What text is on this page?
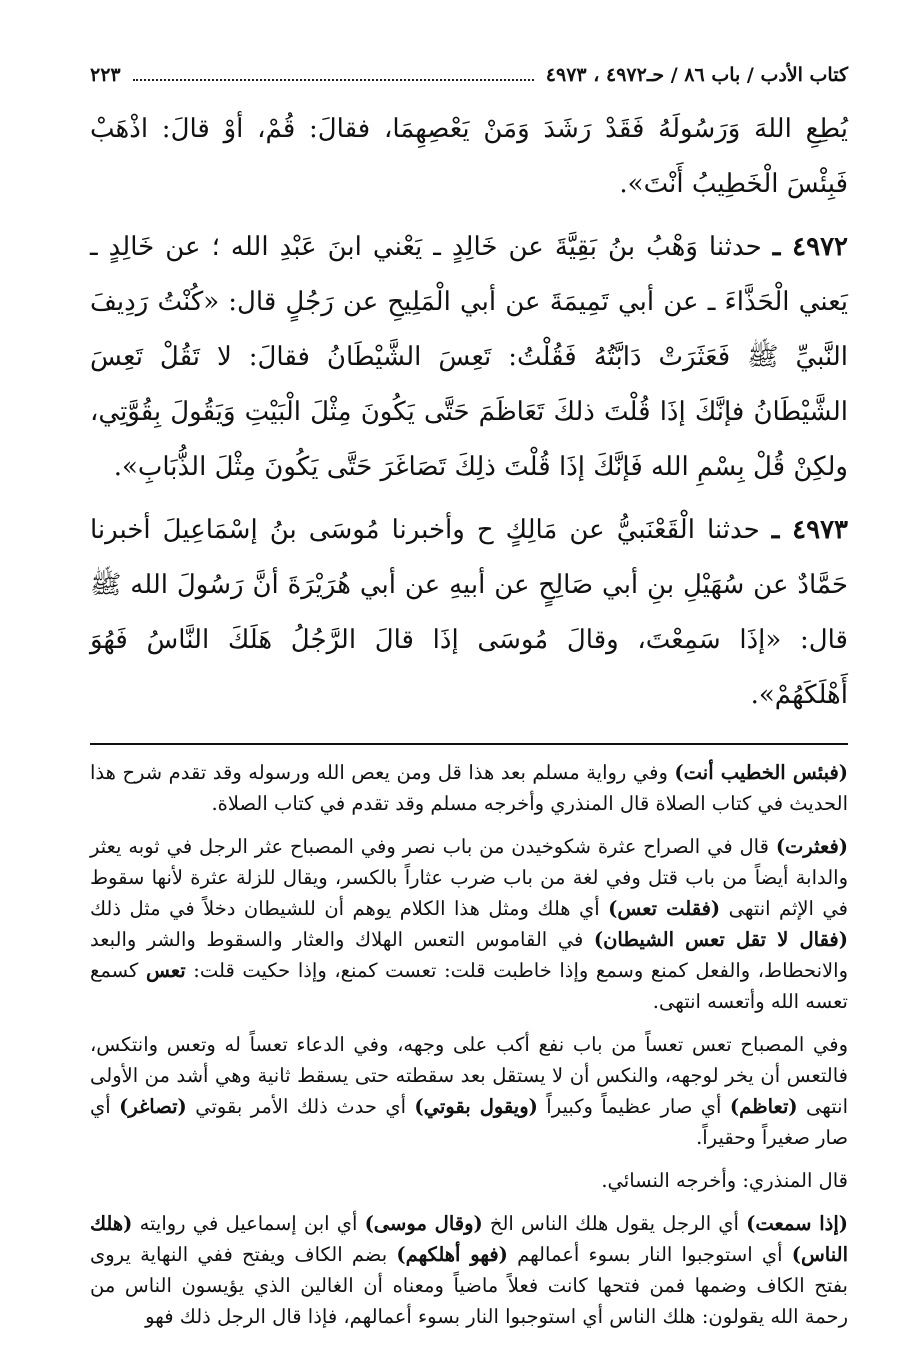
كتاب الأدب / باب ٨٦ / حـ٤٩٧٢ ، ٤٩٧٣
٢٢٣

يُطِعِ اللهَ وَرَسُولَهُ فَقَدْ رَشَدَ وَمَنْ يَعْصِهِمَا، فقالَ: قُمْ، أوْ قالَ: اذْهَبْ فَبِئْسَ الْخَطِيبُ أَنْتَ».

٤٩٧٢ ـ حدثنا وَهْبُ بنُ بَقِيَّةَ عن خَالِدٍ ـ يَعْني ابنَ عَبْدِ الله ؛ عن خَالِدٍ ـ يَعني الْحَذَّاءَ ـ عن أبي تَمِيمَةَ عن أبي الْمَلِيحِ عن رَجُلٍ قال: «كُنْتُ رَدِيفَ النَّبيِّ ﷺ فَعَثَرَتْ دَابَّتُهُ فَقُلْتُ: تَعِسَ الشَّيْطَانُ فقالَ: لا تَقُلْ تَعِسَ الشَّيْطَانُ فإنَّكَ إذَا قُلْتَ ذلكَ تَعَاظَمَ حَتَّى يَكُونَ مِثْلَ الْبَيْتِ وَيَقُولَ بِقُوَّتِي، ولكِنْ قُلْ بِسْمِ الله فَإنَّكَ إذَا قُلْتَ ذلِكَ تَصَاغَرَ حَتَّى يَكُونَ مِثْلَ الذُّبَابِ».

٤٩٧٣ ـ حدثنا الْقَعْنَبيُّ عن مَالِكٍ ح وأخبرنا مُوسَى بنُ إسْمَاعِيلَ أخبرنا حَمَّادٌ عن سُهَيْلِ بنِ أبي صَالِحٍ عن أبيهِ عن أبي هُرَيْرَةَ أنَّ رَسُولَ الله ﷺ قال: «إذَا سَمِعْتَ، وقالَ مُوسَى إذَا قالَ الرَّجُلُ هَلَكَ النَّاسُ فَهُوَ أَهْلَكَهُمْ».

(فبئس الخطيب أنت) وفي رواية مسلم بعد هذا قل ومن يعص الله ورسوله وقد تقدم شرح هذا الحديث في كتاب الصلاة قال المنذري وأخرجه مسلم وقد تقدم في كتاب الصلاة.

(فعثرت) قال في الصراح عثرة شكوخيدن من باب نصر وفي المصباح عثر الرجل في ثوبه يعثر والدابة أيضاً من باب قتل وفي لغة من باب ضرب عثاراً بالكسر، ويقال للزلة عثرة لأنها سقوط في الإثم انتهى (فقلت تعس) أي هلك ومثل هذا الكلام يوهم أن للشيطان دخلاً في مثل ذلك (فقال لا تقل تعس الشيطان) في القاموس التعس الهلاك والعثار والسقوط والشر والبعد والانحطاط، والفعل كمنع وسمع وإذا خاطبت قلت: تعست كمنع، وإذا حكيت قلت: تعس كسمع تعسه الله وأتعسه انتهى.

وفي المصباح تعس تعساً من باب نفع أكب على وجهه، وفي الدعاء تعساً له وتعس وانتكس، فالتعس أن يخر لوجهه، والنكس أن لا يستقل بعد سقطته حتى يسقط ثانية وهي أشد من الأولى انتهى (تعاظم) أي صار عظيماً وكبيراً (ويقول بقوتي) أي حدث ذلك الأمر بقوتي (تصاغر) أي صار صغيراً وحقيراً.

قال المنذري: وأخرجه النسائي.

(إذا سمعت) أي الرجل يقول هلك الناس الخ (وقال موسى) أي ابن إسماعيل في روايته (هلك الناس) أي استوجبوا النار بسوء أعمالهم (فهو أهلكهم) بضم الكاف ويفتح ففي النهاية يروى بفتح الكاف وضمها فمن فتحها كانت فعلاً ماضياً ومعناه أن الغالين الذي يؤيسون الناس من رحمة الله يقولون: هلك الناس أي استوجبوا النار بسوء أعمالهم، فإذا قال الرجل ذلك فهو
